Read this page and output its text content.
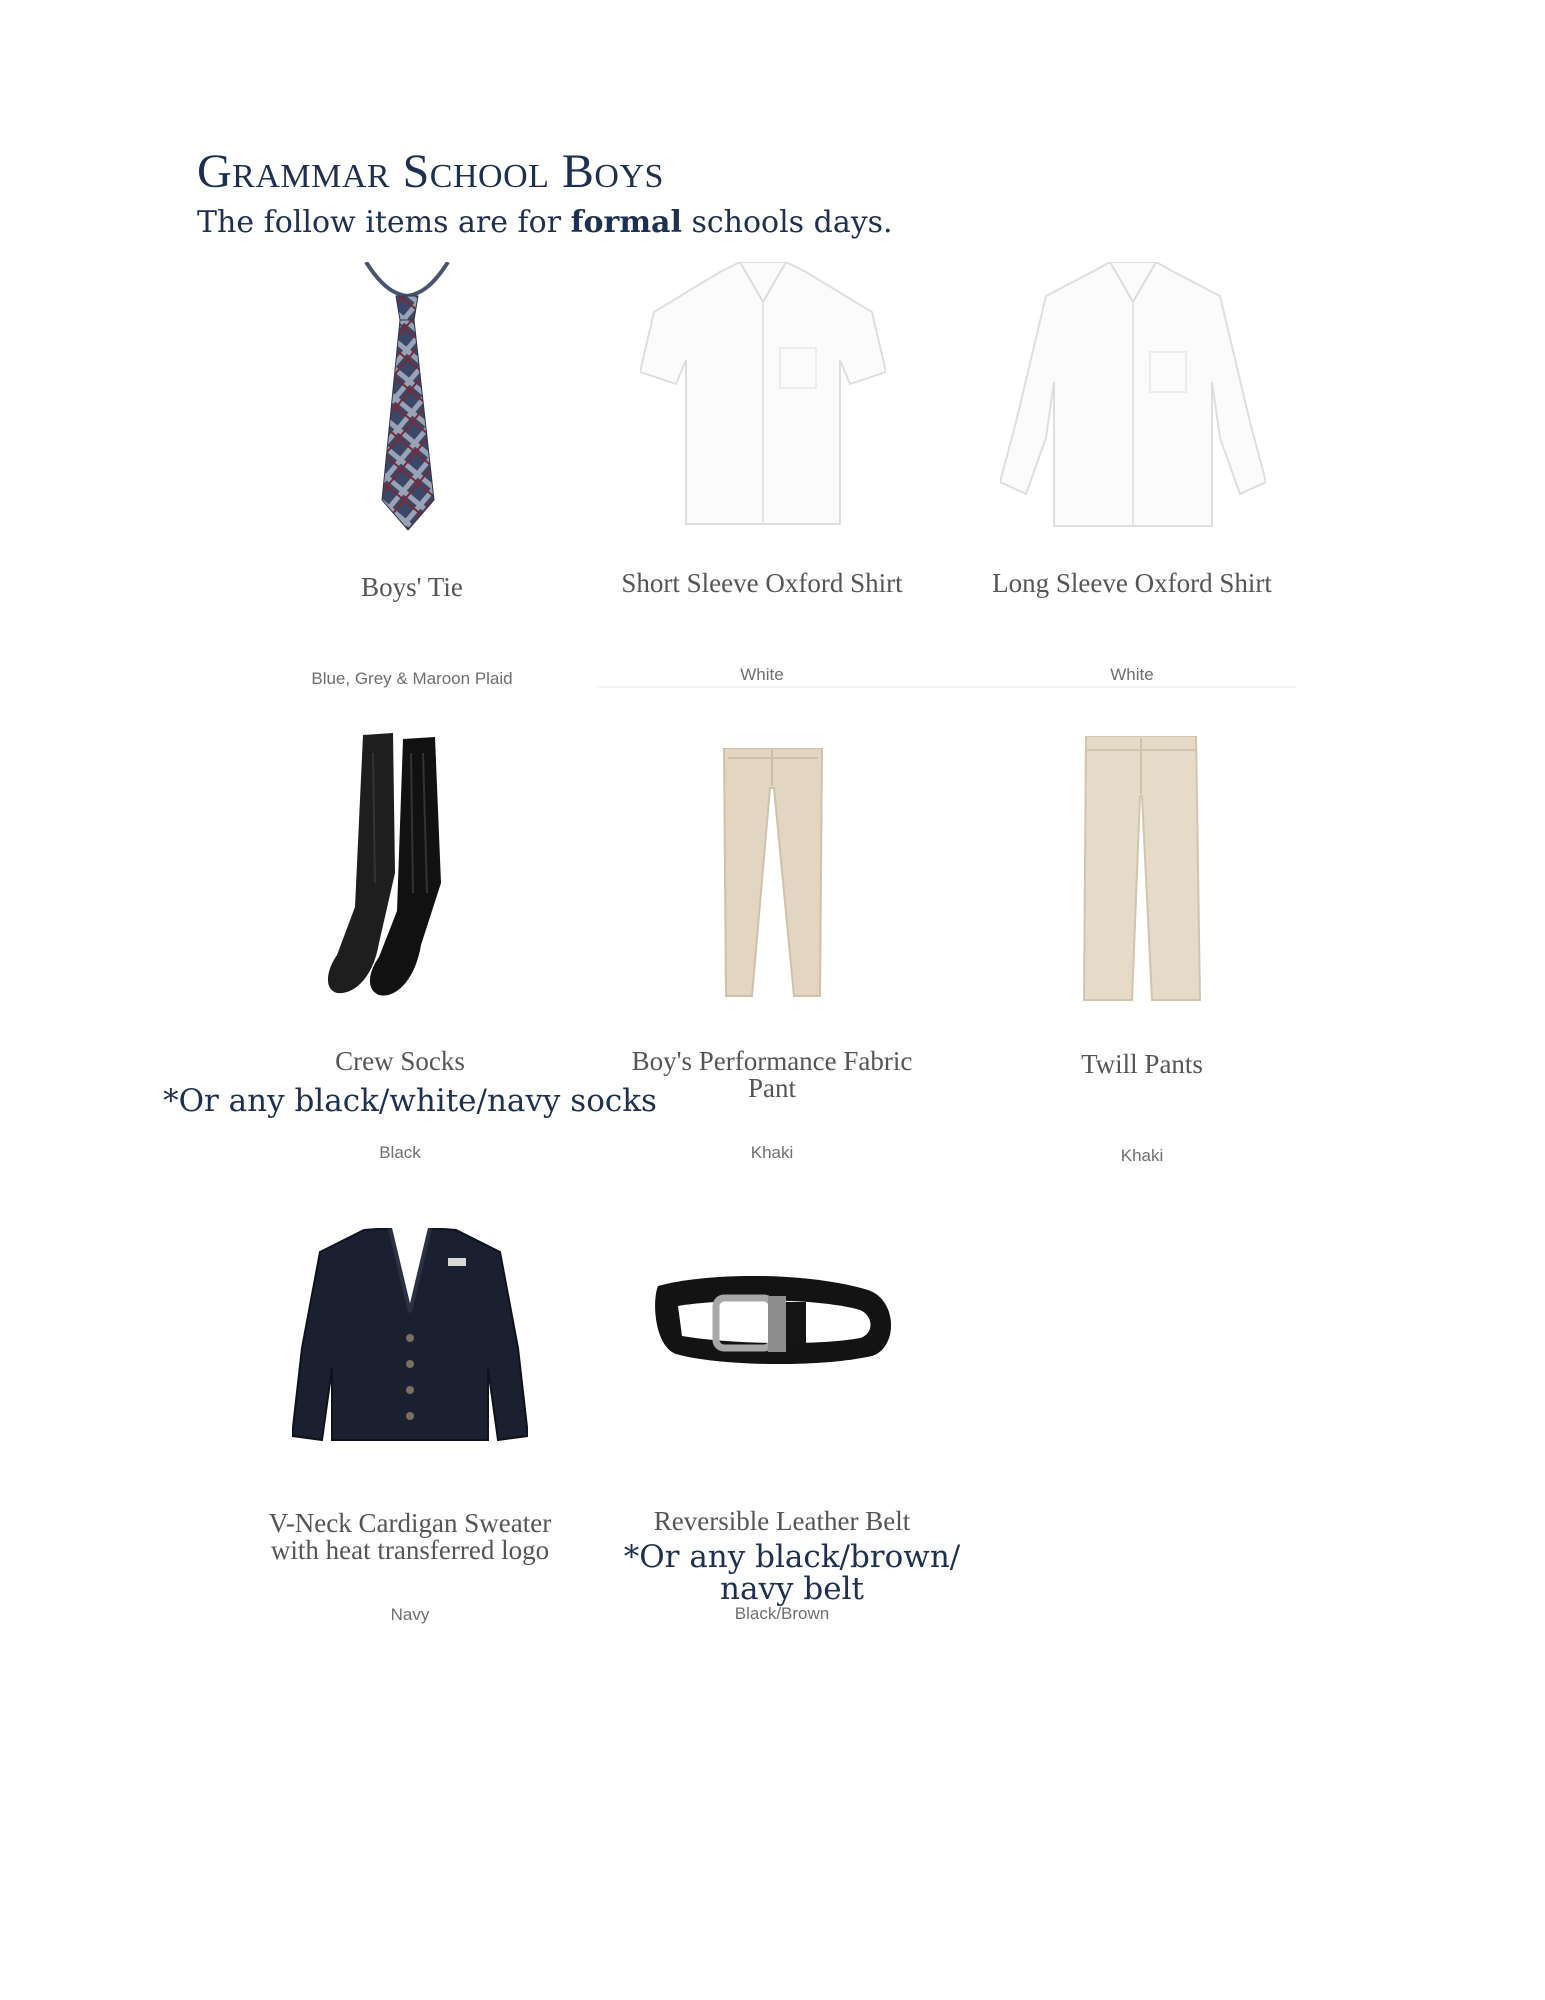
Grammar School Boys
The follow items are for formal schools days.
Boys' Tie
Blue, Grey & Maroon Plaid
Short Sleeve Oxford Shirt
White
Long Sleeve Oxford Shirt
White
Crew Socks
*Or any black/white/navy socks
Black
Boy's Performance Fabric
Pant
Khaki
Twill Pants
Khaki
V-Neck Cardigan Sweater
with heat transferred logo
Navy
Reversible Leather Belt
*Or any black/brown/
navy belt
Black/Brown
